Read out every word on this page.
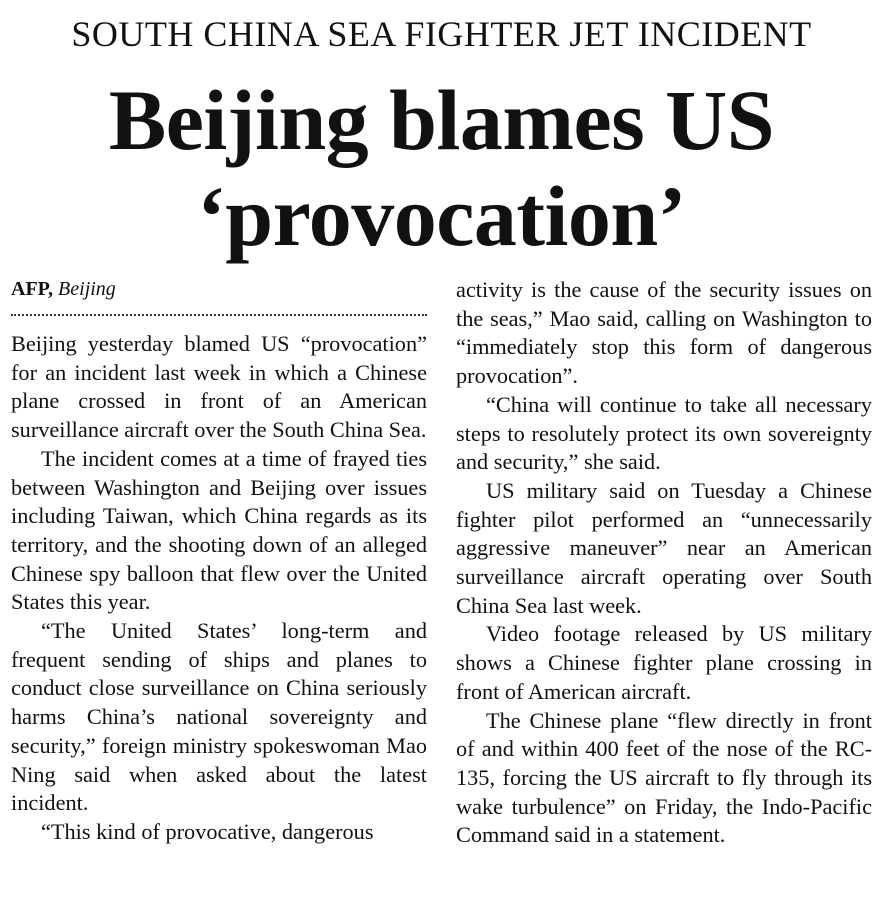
SOUTH CHINA SEA FIGHTER JET INCIDENT
Beijing blames US
‘provocation’
AFP, Beijing

Beijing yesterday blamed US “provocation” for an incident last week in which a Chinese plane crossed in front of an American surveillance aircraft over the South China Sea.

The incident comes at a time of frayed ties between Washington and Beijing over issues including Taiwan, which China regards as its territory, and the shooting down of an alleged Chinese spy balloon that flew over the United States this year.

“The United States’ long-term and frequent sending of ships and planes to conduct close surveillance on China seriously harms China’s national sovereignty and security,” foreign ministry spokeswoman Mao Ning said when asked about the latest incident.

“This kind of provocative, dangerous

activity is the cause of the security issues on the seas,” Mao said, calling on Washington to “immediately stop this form of dangerous provocation”.

“China will continue to take all necessary steps to resolutely protect its own sovereignty and security,” she said.

US military said on Tuesday a Chinese fighter pilot performed an “unnecessarily aggressive maneuver” near an American surveillance aircraft operating over South China Sea last week.

Video footage released by US military shows a Chinese fighter plane crossing in front of American aircraft.

The Chinese plane “flew directly in front of and within 400 feet of the nose of the RC-135, forcing the US aircraft to fly through its wake turbulence” on Friday, the Indo-Pacific Command said in a statement.
